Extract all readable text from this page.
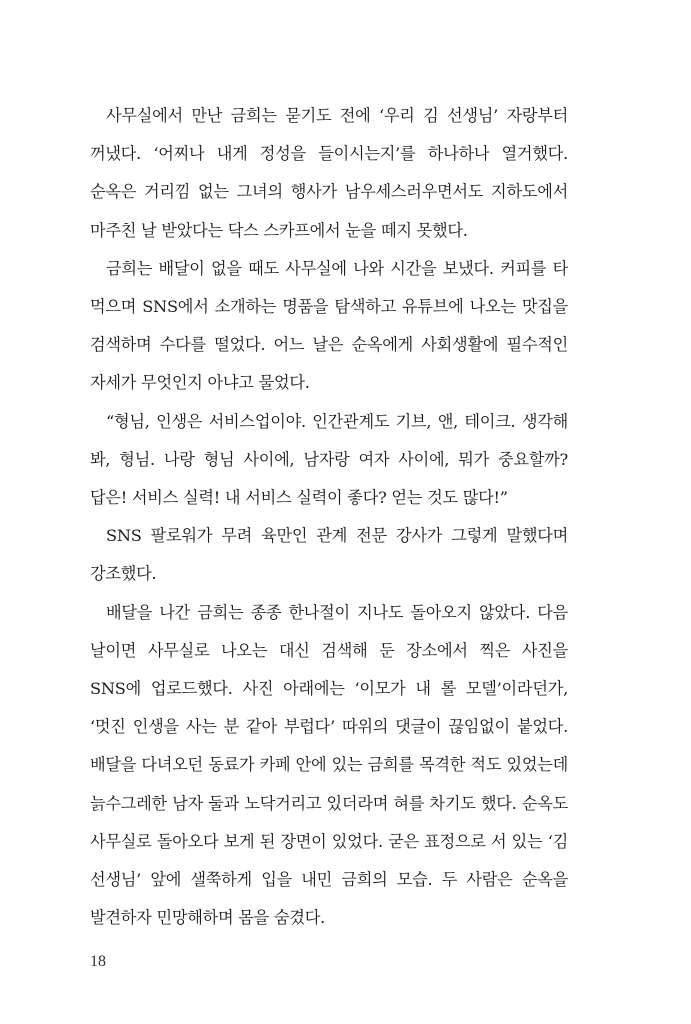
사무실에서 만난 금희는 묻기도 전에 ‘우리 김 선생님’ 자랑부터 꺼냈다. ‘어찌나 내게 정성을 들이시는지’를 하나하나 열거했다. 순옥은 거리낌 없는 그녀의 행사가 남우세스러우면서도 지하도에서 마주친 날 받았다는 닥스 스카프에서 눈을 떼지 못했다.

금희는 배달이 없을 때도 사무실에 나와 시간을 보냈다. 커피를 타 먹으며 SNS에서 소개하는 명품을 탐색하고 유튜브에 나오는 맛집을 검색하며 수다를 떨었다. 어느 날은 순옥에게 사회생활에 필수적인 자세가 무엇인지 아냐고 물었다.

“형님, 인생은 서비스업이야. 인간관계도 기브, 앤, 테이크. 생각해 봐, 형님. 나랑 형님 사이에, 남자랑 여자 사이에, 뭐가 중요할까? 답은! 서비스 실력! 내 서비스 실력이 좋다? 얻는 것도 많다!”

SNS 팔로워가 무려 육만인 관계 전문 강사가 그렇게 말했다며 강조했다.

배달을 나간 금희는 종종 한나절이 지나도 돌아오지 않았다. 다음 날이면 사무실로 나오는 대신 검색해 둔 장소에서 찍은 사진을 SNS에 업로드했다. 사진 아래에는 ‘이모가 내 롤 모델’이라던가, ‘멋진 인생을 사는 분 같아 부럽다’ 따위의 댓글이 끊임없이 붙었다. 배달을 다녀오던 동료가 카페 안에 있는 금희를 목격한 적도 있었는데 늙수그레한 남자 둘과 노닥거리고 있더라며 혀를 차기도 했다. 순옥도 사무실로 돌아오다 보게 된 장면이 있었다. 굳은 표정으로 서 있는 ‘김 선생님’ 앞에 샐쭉하게 입을 내민 금희의 모습. 두 사람은 순옥을 발견하자 민망해하며 몸을 숨겼다.

18
